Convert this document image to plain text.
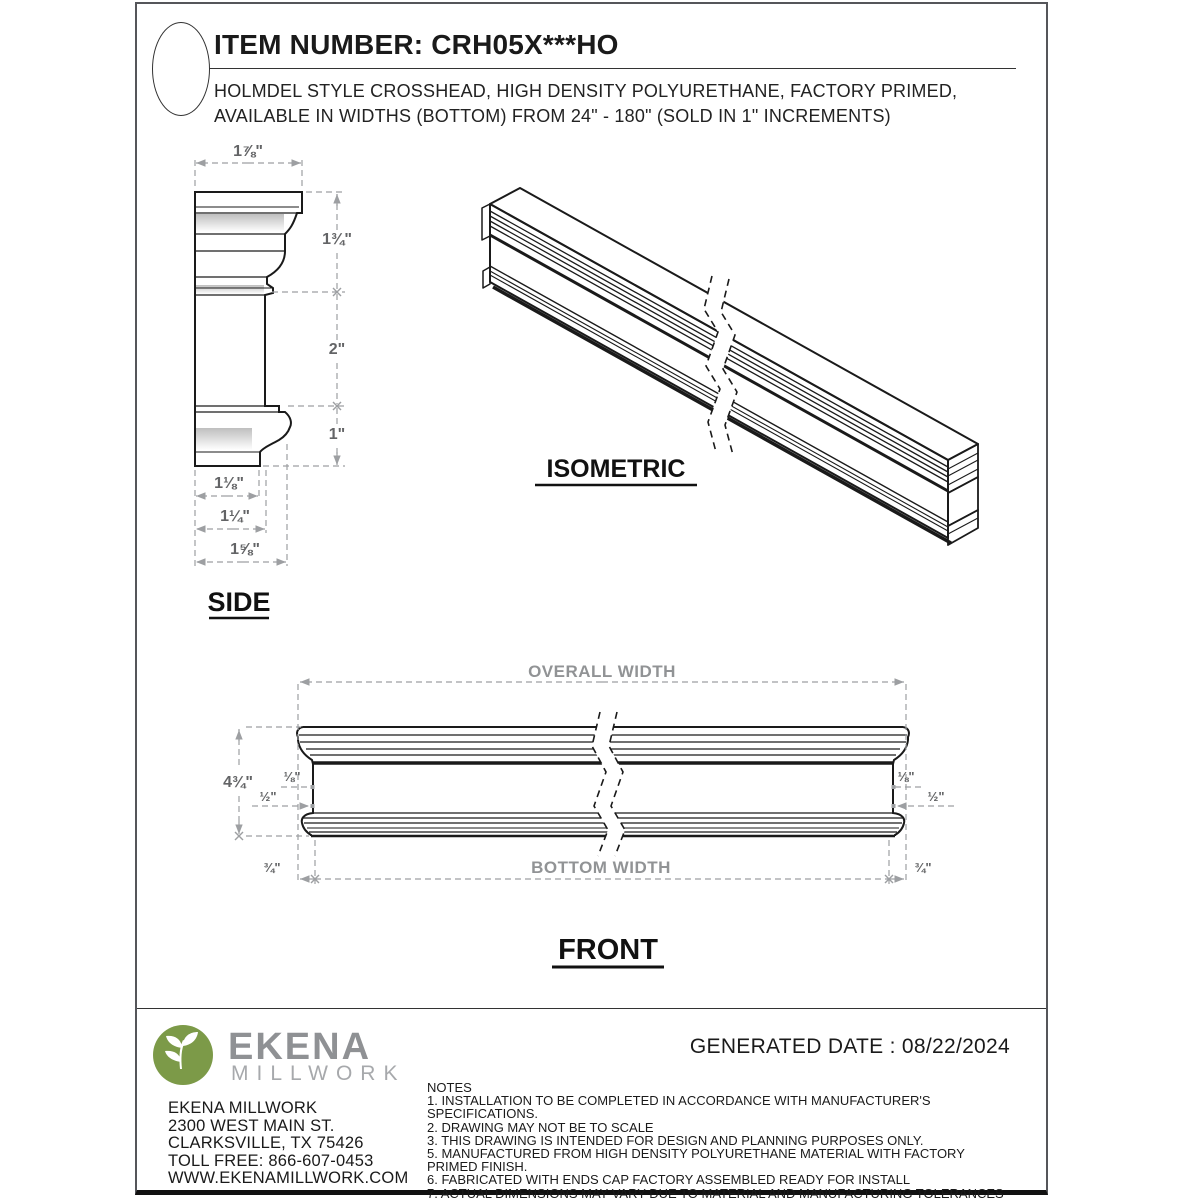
ITEM NUMBER: CRH05X***HO
HOLMDEL STYLE CROSSHEAD, HIGH DENSITY POLYURETHANE, FACTORY PRIMED,
AVAILABLE IN WIDTHS (BOTTOM) FROM 24" - 180" (SOLD IN 1" INCREMENTS)
1⅞"
1¾"
2"
1"
1⅛"
1¼"
1⅝"
SIDE
ISOMETRIC
OVERALL WIDTH
4¾" ⅛"	⅛"
½"	½"
BOTTOM WIDTH
¾"	¾"
FRONT
EKENA
MILLWORK
EKENA MILLWORK
2300 WEST MAIN ST.
CLARKSVILLE, TX 75426
TOLL FREE: 866-607-0453
WWW.EKENAMILLWORK.COM
GENERATED DATE : 08/22/2024
NOTES
1. INSTALLATION TO BE COMPLETED IN ACCORDANCE WITH MANUFACTURER'S SPECIFICATIONS.
2. DRAWING MAY NOT BE TO SCALE
3. THIS DRAWING IS INTENDED FOR DESIGN AND PLANNING PURPOSES ONLY.
5. MANUFACTURED FROM HIGH DENSITY POLYURETHANE MATERIAL WITH FACTORY PRIMED FINISH.
6. FABRICATED WITH ENDS CAP FACTORY ASSEMBLED READY FOR INSTALL
7. ACTUAL DIMENSIONS MAY VARY DUE TO MATERIAL AND MANUFACTURING TOLERANCES
